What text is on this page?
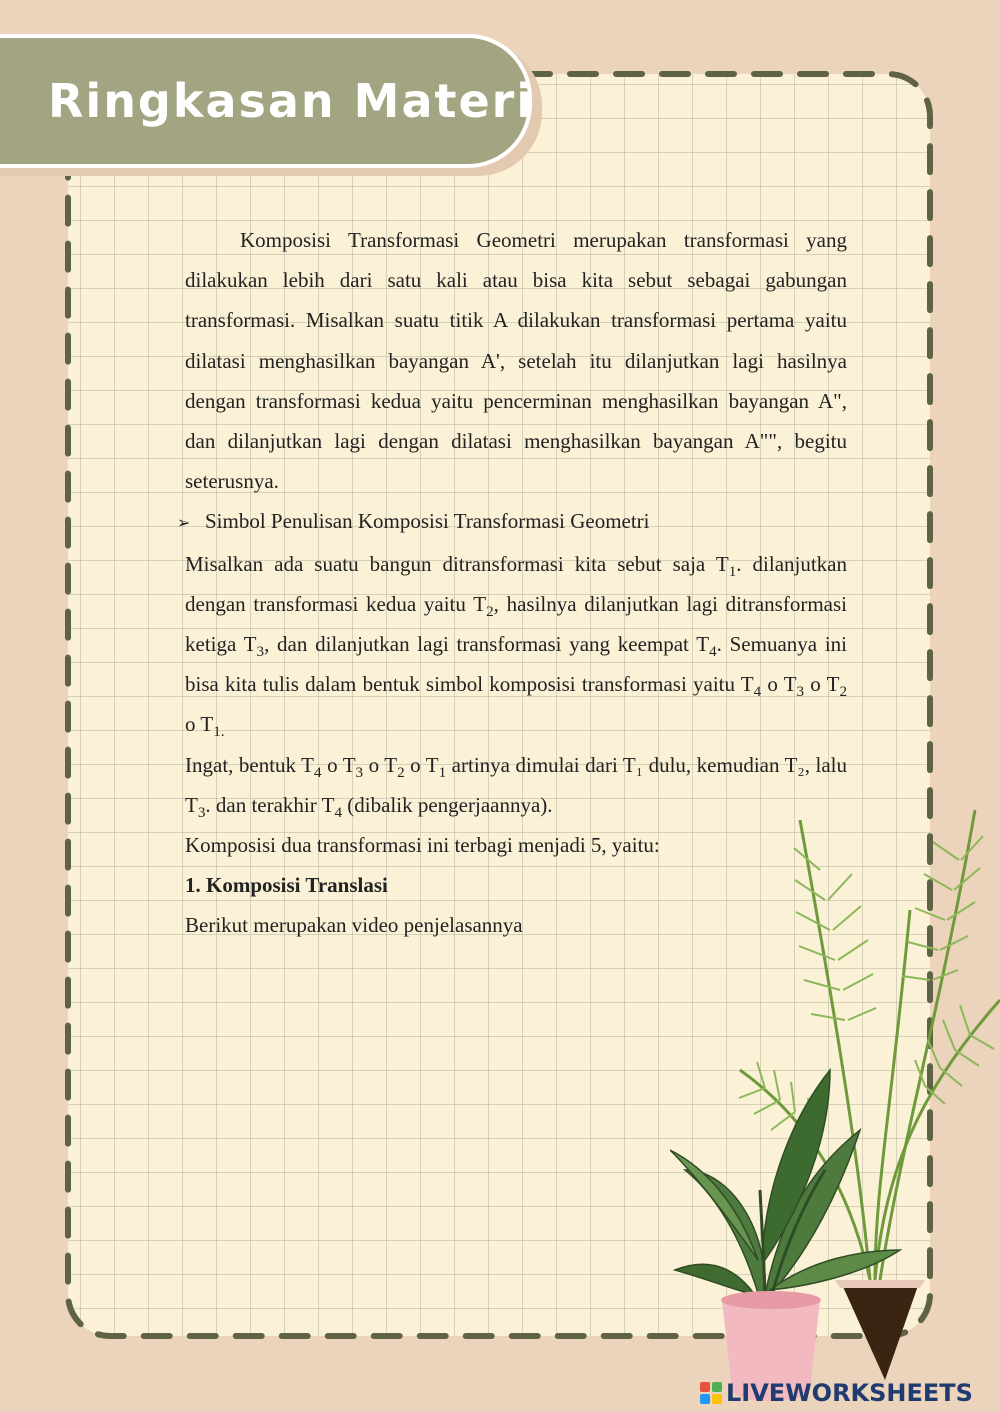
Ringkasan Materi

Komposisi Transformasi Geometri merupakan transformasi yang dilakukan lebih dari satu kali atau bisa kita sebut sebagai gabungan transformasi. Misalkan suatu titik A dilakukan transformasi pertama yaitu dilatasi menghasilkan bayangan A', setelah itu dilanjutkan lagi hasilnya dengan transformasi kedua yaitu pencerminan menghasilkan bayangan A", dan dilanjutkan lagi dengan dilatasi menghasilkan bayangan A"", begitu seterusnya.

➢ Simbol Penulisan Komposisi Transformasi Geometri

Misalkan ada suatu bangun ditransformasi kita sebut saja $T_1$. dilanjutkan dengan transformasi kedua yaitu $T_2$, hasilnya dilanjutkan lagi ditransformasi ketiga $T_3$, dan dilanjutkan lagi transformasi yang keempat $T_4$. Semuanya ini bisa kita tulis dalam bentuk simbol komposisi transformasi yaitu $T_4$ o $T_3$ o $T_2$ o $T_{1.}$

Ingat, bentuk $T_4$ o $T_3$ o $T_2$ o $T_1$ artinya dimulai dari T₁ dulu, kemudian T₂, lalu $T_3$. dan terakhir $T_4$ (dibalik pengerjaannya).

Komposisi dua transformasi ini terbagi menjadi 5, yaitu:

1. Komposisi Translasi

Berikut merupakan video penjelasannya

LIVEWORKSHEETS
